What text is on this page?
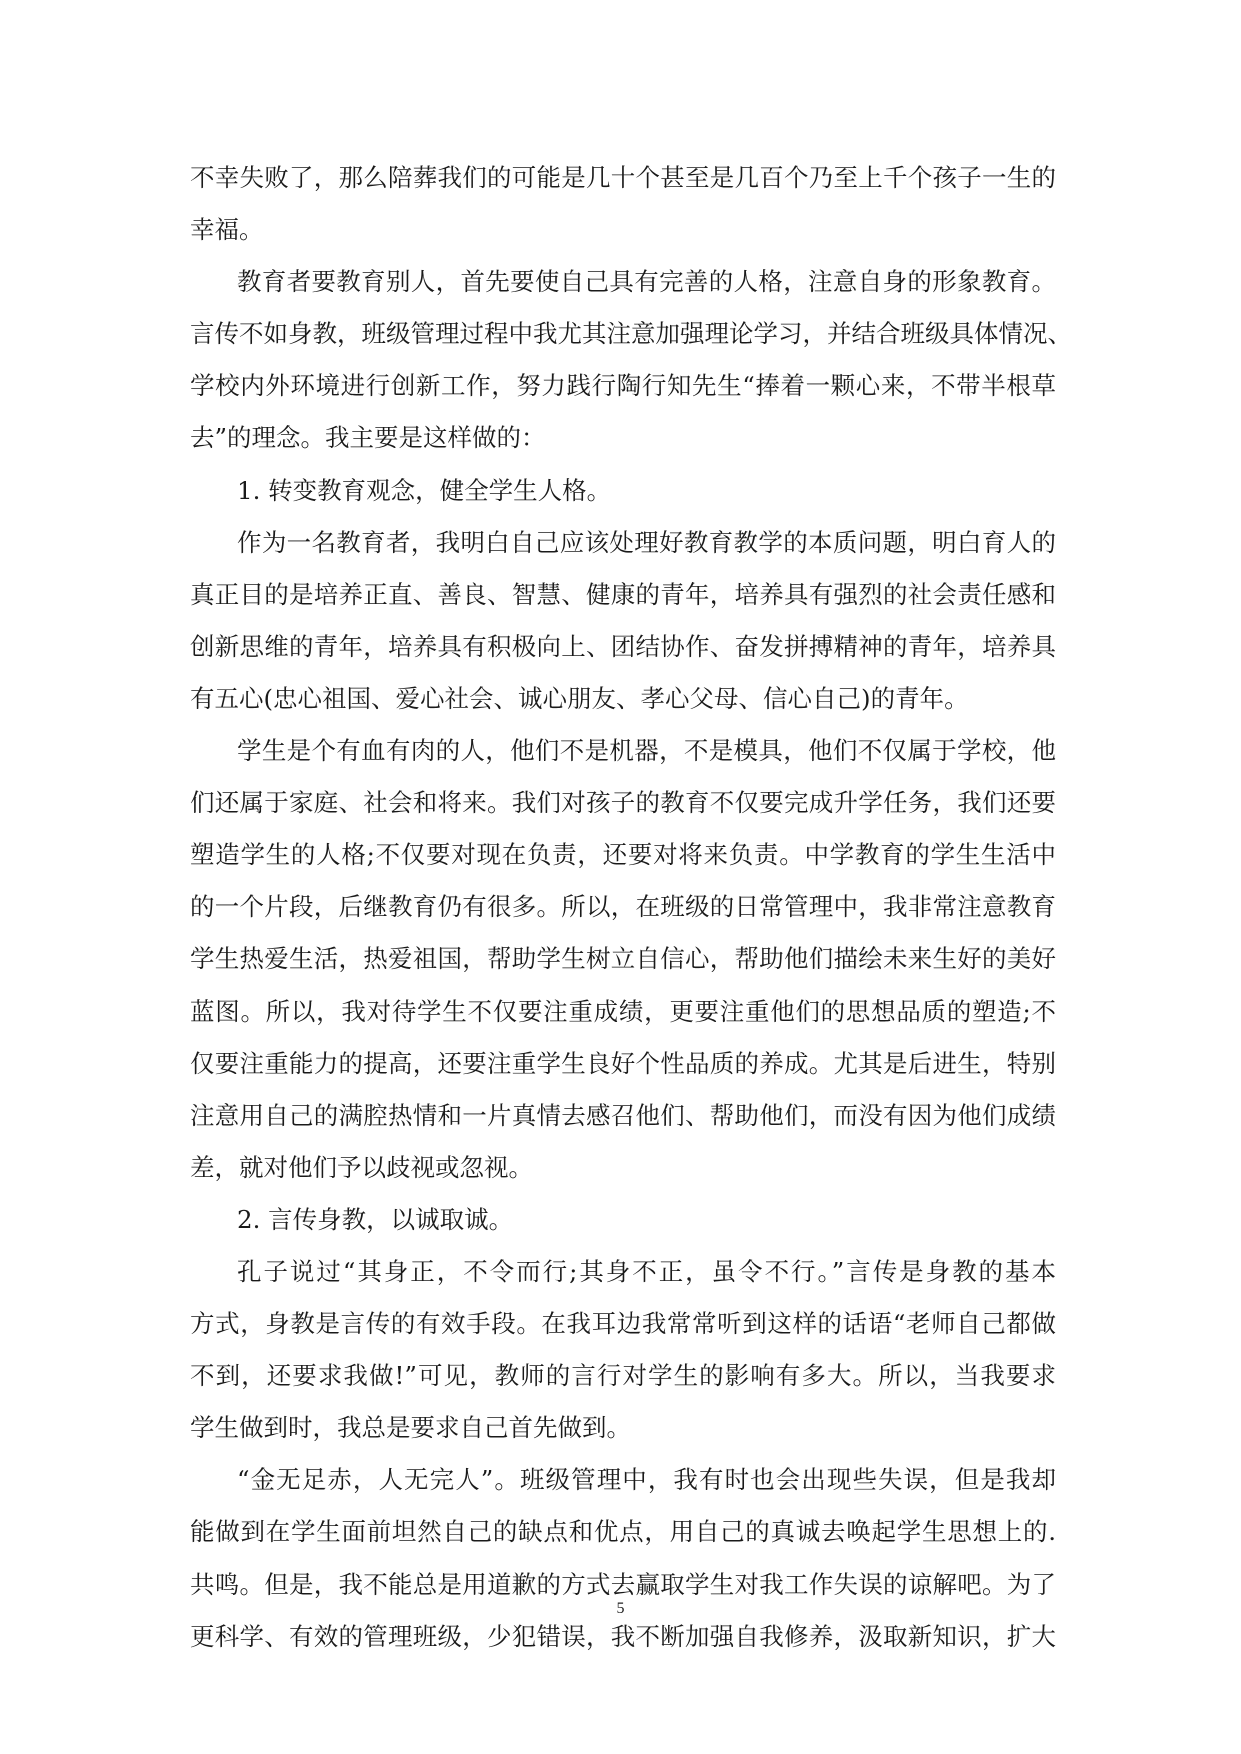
不幸失败了，那么陪葬我们的可能是几十个甚至是几百个乃至上千个孩子一生的
幸福。
教育者要教育别人，首先要使自己具有完善的人格，注意自身的形象教育。
言传不如身教，班级管理过程中我尤其注意加强理论学习，并结合班级具体情况、
学校内外环境进行创新工作，努力践行陶行知先生“捧着一颗心来，不带半根草
去”的理念。我主要是这样做的：
1. 转变教育观念，健全学生人格。
作为一名教育者，我明白自己应该处理好教育教学的本质问题，明白育人的
真正目的是培养正直、善良、智慧、健康的青年，培养具有强烈的社会责任感和
创新思维的青年，培养具有积极向上、团结协作、奋发拼搏精神的青年，培养具
有五心(忠心祖国、爱心社会、诚心朋友、孝心父母、信心自己)的青年。
学生是个有血有肉的人，他们不是机器，不是模具，他们不仅属于学校，他
们还属于家庭、社会和将来。我们对孩子的教育不仅要完成升学任务，我们还要
塑造学生的人格;不仅要对现在负责，还要对将来负责。中学教育的学生生活中
的一个片段，后继教育仍有很多。所以，在班级的日常管理中，我非常注意教育
学生热爱生活，热爱祖国，帮助学生树立自信心，帮助他们描绘未来生好的美好
蓝图。所以，我对待学生不仅要注重成绩，更要注重他们的思想品质的塑造;不
仅要注重能力的提高，还要注重学生良好个性品质的养成。尤其是后进生，特别
注意用自己的满腔热情和一片真情去感召他们、帮助他们，而没有因为他们成绩
差，就对他们予以歧视或忽视。
2. 言传身教，以诚取诚。
孔子说过“其身正，不令而行;其身不正，虽令不行。”言传是身教的基本
方式，身教是言传的有效手段。在我耳边我常常听到这样的话语“老师自己都做
不到，还要求我做!”可见，教师的言行对学生的影响有多大。所以，当我要求
学生做到时，我总是要求自己首先做到。
“金无足赤，人无完人”。班级管理中，我有时也会出现些失误，但是我却
能做到在学生面前坦然自己的缺点和优点，用自己的真诚去唤起学生思想上的.
共鸣。但是，我不能总是用道歉的方式去赢取学生对我工作失误的谅解吧。为了
更科学、有效的管理班级，少犯错误，我不断加强自我修养，汲取新知识，扩大
5
